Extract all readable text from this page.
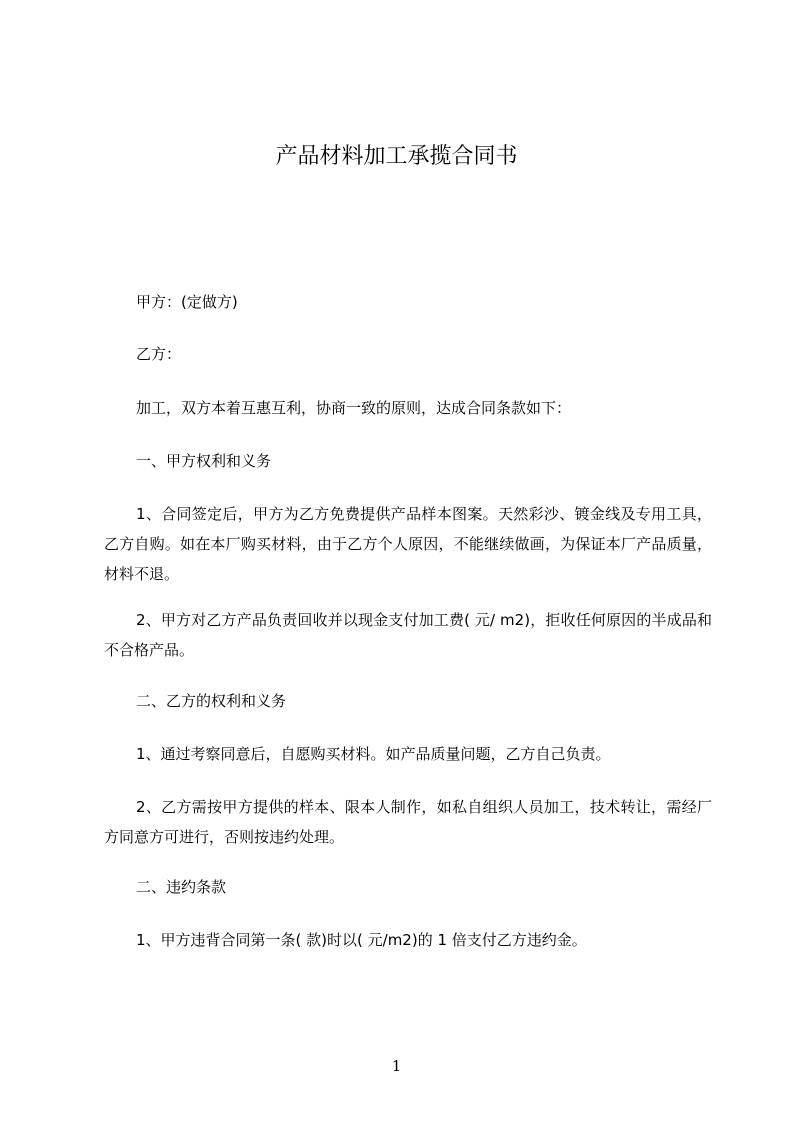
产品材料加工承揽合同书

甲方：(定做方)

乙方：

加工，双方本着互惠互利，协商一致的原则，达成合同条款如下：

一、甲方权利和义务

1、合同签定后，甲方为乙方免费提供产品样本图案。天然彩沙、镀金线及专用工具，乙方自购。如在本厂购买材料，由于乙方个人原因，不能继续做画，为保证本厂产品质量，材料不退。

2、甲方对乙方产品负责回收并以现金支付加工费( 元/ m2)，拒收任何原因的半成品和不合格产品。

二、乙方的权利和义务

1、通过考察同意后，自愿购买材料。如产品质量问题，乙方自己负责。

2、乙方需按甲方提供的样本、限本人制作，如私自组织人员加工，技术转让，需经厂方同意方可进行，否则按违约处理。

二、违约条款

1、甲方违背合同第一条( 款)时以( 元/m2)的 1 倍支付乙方违约金。

1
